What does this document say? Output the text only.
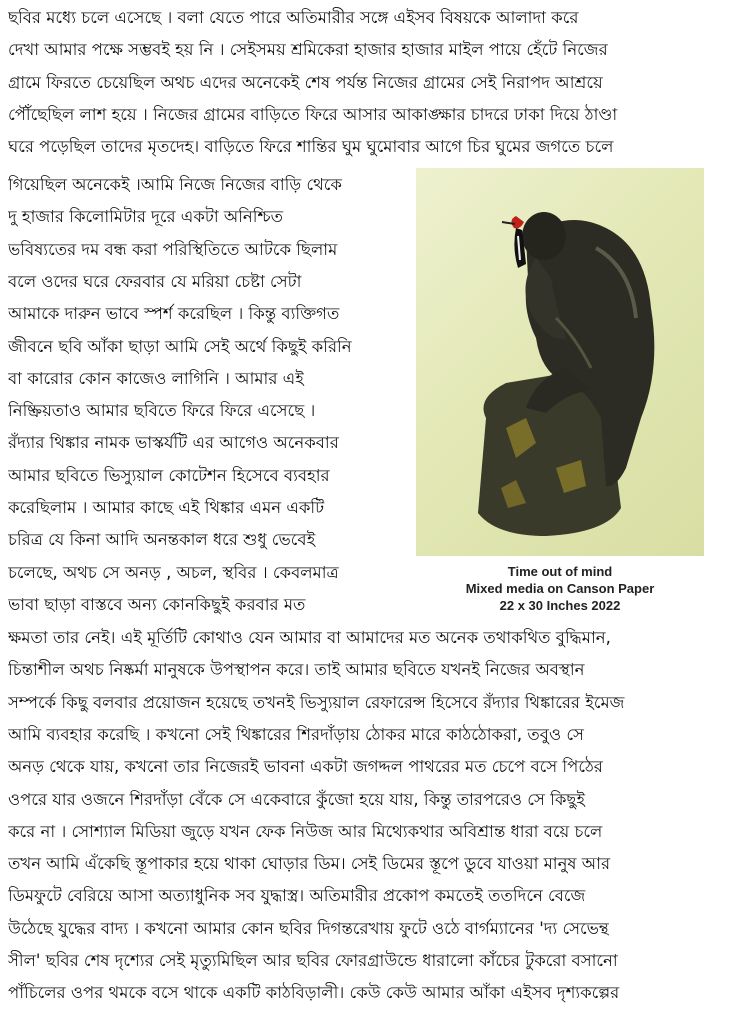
ছবির মধ্যে চলে এসেছে । বলা যেতে পারে অতিমারীর সঙ্গে এইসব বিষয়কে আলাদা করে
দেখা আমার পক্ষে সম্ভবই হয় নি । সেইসময় শ্রমিকেরা হাজার হাজার মাইল পায়ে হেঁটে নিজের
গ্রামে ফিরতে চেয়েছিল অথচ এদের অনেকেই শেষ পর্যন্ত নিজের গ্রামের সেই নিরাপদ আশ্রয়ে
পৌঁছেছিল লাশ হয়ে । নিজের গ্রামের বাড়িতে ফিরে আসার আকাঙ্ক্ষার চাদরে ঢাকা দিয়ে ঠাণ্ডা
ঘরে পড়েছিল তাদের মৃতদেহ। বাড়িতে ফিরে শান্তির ঘুম ঘুমোবার আগে চির ঘুমের জগতে চলে
গিয়েছিল অনেকেই ।আমি নিজে নিজের বাড়ি থেকে
দু হাজার কিলোমিটার দূরে একটা অনিশ্চিত
ভবিষ্যতের দম বন্ধ করা পরিস্থিতিতে আটকে ছিলাম
বলে ওদের ঘরে ফেরবার যে মরিয়া চেষ্টা সেটা
আমাকে দারুন ভাবে স্পর্শ করেছিল । কিন্তু ব্যক্তিগত
জীবনে ছবি আঁকা ছাড়া আমি সেই অর্থে কিছুই করিনি
বা কারোর কোন কাজেও লাগিনি । আমার এই
নিষ্ক্রিয়তাও আমার ছবিতে ফিরে ফিরে এসেছে ।
রঁদ্যার থিঙ্কার নামক ভাস্কর্যটি এর আগেও অনেকবার
আমার ছবিতে ভিস্যুয়াল কোটেশন হিসেবে ব্যবহার
করেছিলাম । আমার কাছে এই থিঙ্কার এমন একটি
চরিত্র যে কিনা আদি অনন্তকাল ধরে শুধু ভেবেই
চলেছে, অথচ সে অনড় , অচল, স্থবির । কেবলমাত্র
ভাবা ছাড়া বাস্তবে অন্য কোনকিছুই করবার মত
ক্ষমতা তার নেই। এই মূর্তিটি কোথাও যেন আমার বা আমাদের মত অনেক তথাকথিত বুদ্ধিমান,
চিন্তাশীল অথচ নিষ্কর্মা মানুষকে উপস্থাপন করে। তাই আমার ছবিতে যখনই নিজের অবস্থান
সম্পর্কে কিছু বলবার প্রয়োজন হয়েছে তখনই ভিস্যুয়াল রেফারেন্স হিসেবে রঁদ্যার থিঙ্কারের ইমেজ
আমি ব্যবহার করেছি । কখনো সেই থিঙ্কারের শিরদাঁড়ায় ঠোকর মারে কাঠঠোকরা, তবুও সে
অনড় থেকে যায়, কখনো তার নিজেরই ভাবনা একটা জগদ্দল পাথরের মত চেপে বসে পিঠের
ওপরে যার ওজনে শিরদাঁড়া বেঁকে সে একেবারে কুঁজো হয়ে যায়, কিন্তু তারপরেও সে কিছুই
করে না । সোশ্যাল মিডিয়া জুড়ে যখন ফেক নিউজ আর মিথ্যেকথার অবিশ্রান্ত ধারা বয়ে চলে
তখন আমি এঁকেছি স্তূপাকার হয়ে থাকা ঘোড়ার ডিম। সেই ডিমের স্তূপে ডুবে যাওয়া মানুষ আর
ডিমফুটে বেরিয়ে আসা অত্যাধুনিক সব যুদ্ধাস্ত্র। অতিমারীর প্রকোপ কমতেই ততদিনে বেজে
উঠেছে যুদ্ধের বাদ্য । কখনো আমার কোন ছবির দিগন্তরেখায় ফুটে ওঠে বার্গম্যানের 'দ্য সেভেন্থ
সীল' ছবির শেষ দৃশ্যের সেই মৃত্যুমিছিল আর ছবির ফোরগ্রাউন্ডে ধারালো কাঁচের টুকরো বসানো
পাঁচিলের ওপর থমকে বসে থাকে একটি কাঠবিড়ালী। কেউ কেউ আমার আঁকা এইসব দৃশ্যকল্পের
Time out of mind
Mixed media on Canson Paper
22 x 30 Inches 2022
